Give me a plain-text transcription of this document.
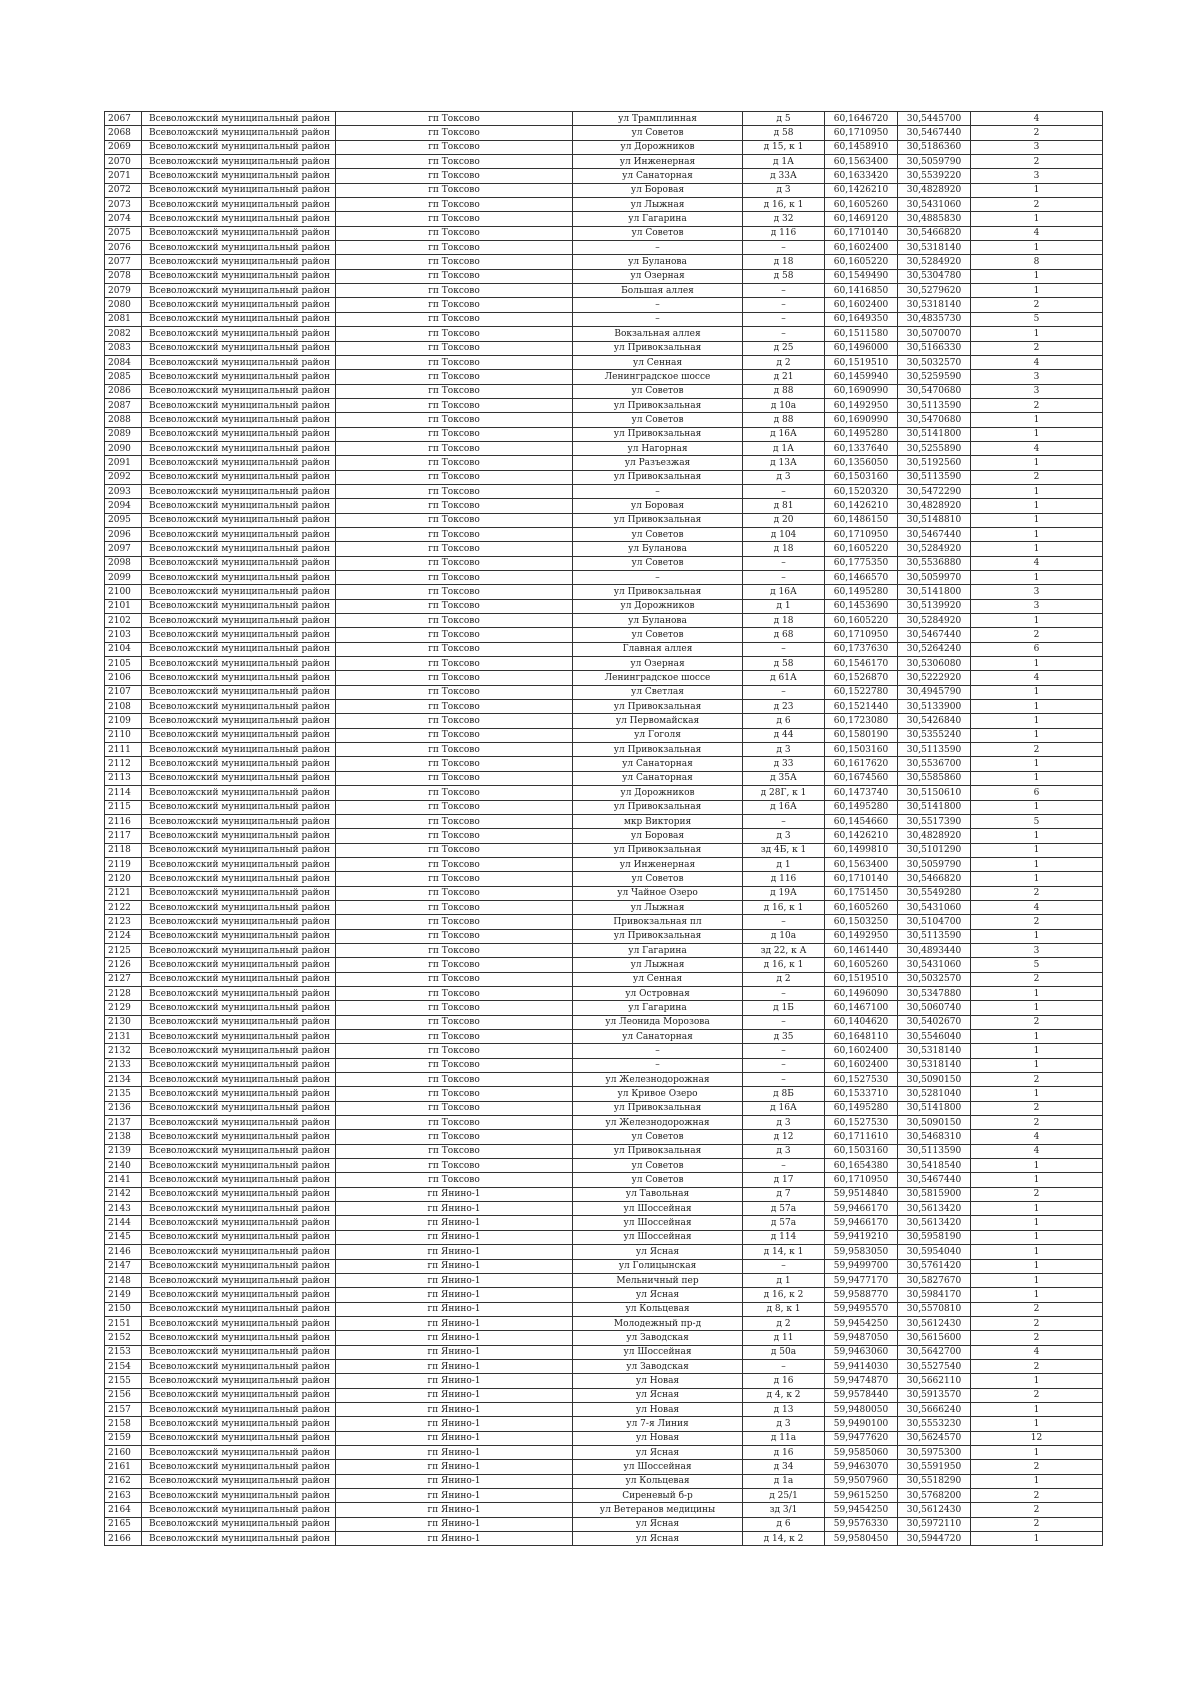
2067	Всеволожский муниципальный район	гп Токсово	ул Трамплинная	д 5	60,1646720	30,5445700	4
2068	Всеволожский муниципальный район	гп Токсово	ул Советов	д 58	60,1710950	30,5467440	2
2069	Всеволожский муниципальный район	гп Токсово	ул Дорожников	д 15, к 1	60,1458910	30,5186360	3
2070	Всеволожский муниципальный район	гп Токсово	ул Инженерная	д 1А	60,1563400	30,5059790	2
2071	Всеволожский муниципальный район	гп Токсово	ул Санаторная	д 33А	60,1633420	30,5539220	3
2072	Всеволожский муниципальный район	гп Токсово	ул Боровая	д 3	60,1426210	30,4828920	1
2073	Всеволожский муниципальный район	гп Токсово	ул Лыжная	д 16, к 1	60,1605260	30,5431060	2
2074	Всеволожский муниципальный район	гп Токсово	ул Гагарина	д 32	60,1469120	30,4885830	1
2075	Всеволожский муниципальный район	гп Токсово	ул Советов	д 116	60,1710140	30,5466820	4
2076	Всеволожский муниципальный район	гп Токсово	–	–	60,1602400	30,5318140	1
2077	Всеволожский муниципальный район	гп Токсово	ул Буланова	д 18	60,1605220	30,5284920	8
2078	Всеволожский муниципальный район	гп Токсово	ул Озерная	д 58	60,1549490	30,5304780	1
2079	Всеволожский муниципальный район	гп Токсово	Большая аллея	–	60,1416850	30,5279620	1
2080	Всеволожский муниципальный район	гп Токсово	–	–	60,1602400	30,5318140	2
2081	Всеволожский муниципальный район	гп Токсово	–	–	60,1649350	30,4835730	5
2082	Всеволожский муниципальный район	гп Токсово	Вокзальная аллея	–	60,1511580	30,5070070	1
2083	Всеволожский муниципальный район	гп Токсово	ул Привокзальная	д 25	60,1496000	30,5166330	2
2084	Всеволожский муниципальный район	гп Токсово	ул Сенная	д 2	60,1519510	30,5032570	4
2085	Всеволожский муниципальный район	гп Токсово	Ленинградское шоссе	д 21	60,1459940	30,5259590	3
2086	Всеволожский муниципальный район	гп Токсово	ул Советов	д 88	60,1690990	30,5470680	3
2087	Всеволожский муниципальный район	гп Токсово	ул Привокзальная	д 10а	60,1492950	30,5113590	2
2088	Всеволожский муниципальный район	гп Токсово	ул Советов	д 88	60,1690990	30,5470680	1
2089	Всеволожский муниципальный район	гп Токсово	ул Привокзальная	д 16А	60,1495280	30,5141800	1
2090	Всеволожский муниципальный район	гп Токсово	ул Нагорная	д 1А	60,1337640	30,5255890	4
2091	Всеволожский муниципальный район	гп Токсово	ул Разъезжая	д 13А	60,1356050	30,5192560	1
2092	Всеволожский муниципальный район	гп Токсово	ул Привокзальная	д 3	60,1503160	30,5113590	2
2093	Всеволожский муниципальный район	гп Токсово	–	–	60,1520320	30,5472290	1
2094	Всеволожский муниципальный район	гп Токсово	ул Боровая	д 81	60,1426210	30,4828920	1
2095	Всеволожский муниципальный район	гп Токсово	ул Привокзальная	д 20	60,1486150	30,5148810	1
2096	Всеволожский муниципальный район	гп Токсово	ул Советов	д 104	60,1710950	30,5467440	1
2097	Всеволожский муниципальный район	гп Токсово	ул Буланова	д 18	60,1605220	30,5284920	1
2098	Всеволожский муниципальный район	гп Токсово	ул Советов	–	60,1775350	30,5536880	4
2099	Всеволожский муниципальный район	гп Токсово	–	–	60,1466570	30,5059970	1
2100	Всеволожский муниципальный район	гп Токсово	ул Привокзальная	д 16А	60,1495280	30,5141800	3
2101	Всеволожский муниципальный район	гп Токсово	ул Дорожников	д 1	60,1453690	30,5139920	3
2102	Всеволожский муниципальный район	гп Токсово	ул Буланова	д 18	60,1605220	30,5284920	1
2103	Всеволожский муниципальный район	гп Токсово	ул Советов	д 68	60,1710950	30,5467440	2
2104	Всеволожский муниципальный район	гп Токсово	Главная аллея	–	60,1737630	30,5264240	6
2105	Всеволожский муниципальный район	гп Токсово	ул Озерная	д 58	60,1546170	30,5306080	1
2106	Всеволожский муниципальный район	гп Токсово	Ленинградское шоссе	д 61А	60,1526870	30,5222920	4
2107	Всеволожский муниципальный район	гп Токсово	ул Светлая	–	60,1522780	30,4945790	1
2108	Всеволожский муниципальный район	гп Токсово	ул Привокзальная	д 23	60,1521440	30,5133900	1
2109	Всеволожский муниципальный район	гп Токсово	ул Первомайская	д 6	60,1723080	30,5426840	1
2110	Всеволожский муниципальный район	гп Токсово	ул Гоголя	д 44	60,1580190	30,5355240	1
2111	Всеволожский муниципальный район	гп Токсово	ул Привокзальная	д 3	60,1503160	30,5113590	2
2112	Всеволожский муниципальный район	гп Токсово	ул Санаторная	д 33	60,1617620	30,5536700	1
2113	Всеволожский муниципальный район	гп Токсово	ул Санаторная	д 35А	60,1674560	30,5585860	1
2114	Всеволожский муниципальный район	гп Токсово	ул Дорожников	д 28Г, к 1	60,1473740	30,5150610	6
2115	Всеволожский муниципальный район	гп Токсово	ул Привокзальная	д 16А	60,1495280	30,5141800	1
2116	Всеволожский муниципальный район	гп Токсово	мкр Виктория	–	60,1454660	30,5517390	5
2117	Всеволожский муниципальный район	гп Токсово	ул Боровая	д 3	60,1426210	30,4828920	1
2118	Всеволожский муниципальный район	гп Токсово	ул Привокзальная	зд 4Б, к 1	60,1499810	30,5101290	1
2119	Всеволожский муниципальный район	гп Токсово	ул Инженерная	д 1	60,1563400	30,5059790	1
2120	Всеволожский муниципальный район	гп Токсово	ул Советов	д 116	60,1710140	30,5466820	1
2121	Всеволожский муниципальный район	гп Токсово	ул Чайное Озеро	д 19А	60,1751450	30,5549280	2
2122	Всеволожский муниципальный район	гп Токсово	ул Лыжная	д 16, к 1	60,1605260	30,5431060	4
2123	Всеволожский муниципальный район	гп Токсово	Привокзальная пл	–	60,1503250	30,5104700	2
2124	Всеволожский муниципальный район	гп Токсово	ул Привокзальная	д 10а	60,1492950	30,5113590	1
2125	Всеволожский муниципальный район	гп Токсово	ул Гагарина	зд 22, к А	60,1461440	30,4893440	3
2126	Всеволожский муниципальный район	гп Токсово	ул Лыжная	д 16, к 1	60,1605260	30,5431060	5
2127	Всеволожский муниципальный район	гп Токсово	ул Сенная	д 2	60,1519510	30,5032570	2
2128	Всеволожский муниципальный район	гп Токсово	ул Островная	–	60,1496090	30,5347880	1
2129	Всеволожский муниципальный район	гп Токсово	ул Гагарина	д 1Б	60,1467100	30,5060740	1
2130	Всеволожский муниципальный район	гп Токсово	ул Леонида Морозова	–	60,1404620	30,5402670	2
2131	Всеволожский муниципальный район	гп Токсово	ул Санаторная	д 35	60,1648110	30,5546040	1
2132	Всеволожский муниципальный район	гп Токсово	–	–	60,1602400	30,5318140	1
2133	Всеволожский муниципальный район	гп Токсово	–	–	60,1602400	30,5318140	1
2134	Всеволожский муниципальный район	гп Токсово	ул Железнодорожная	–	60,1527530	30,5090150	2
2135	Всеволожский муниципальный район	гп Токсово	ул Кривое Озеро	д 8Б	60,1533710	30,5281040	1
2136	Всеволожский муниципальный район	гп Токсово	ул Привокзальная	д 16А	60,1495280	30,5141800	2
2137	Всеволожский муниципальный район	гп Токсово	ул Железнодорожная	д 3	60,1527530	30,5090150	2
2138	Всеволожский муниципальный район	гп Токсово	ул Советов	д 12	60,1711610	30,5468310	4
2139	Всеволожский муниципальный район	гп Токсово	ул Привокзальная	д 3	60,1503160	30,5113590	4
2140	Всеволожский муниципальный район	гп Токсово	ул Советов	–	60,1654380	30,5418540	1
2141	Всеволожский муниципальный район	гп Токсово	ул Советов	д 17	60,1710950	30,5467440	1
2142	Всеволожский муниципальный район	гп Янино-1	ул Тавольная	д 7	59,9514840	30,5815900	2
2143	Всеволожский муниципальный район	гп Янино-1	ул Шоссейная	д 57а	59,9466170	30,5613420	1
2144	Всеволожский муниципальный район	гп Янино-1	ул Шоссейная	д 57а	59,9466170	30,5613420	1
2145	Всеволожский муниципальный район	гп Янино-1	ул Шоссейная	д 114	59,9419210	30,5958190	1
2146	Всеволожский муниципальный район	гп Янино-1	ул Ясная	д 14, к 1	59,9583050	30,5954040	1
2147	Всеволожский муниципальный район	гп Янино-1	ул Голицынская	–	59,9499700	30,5761420	1
2148	Всеволожский муниципальный район	гп Янино-1	Мельничный пер	д 1	59,9477170	30,5827670	1
2149	Всеволожский муниципальный район	гп Янино-1	ул Ясная	д 16, к 2	59,9588770	30,5984170	1
2150	Всеволожский муниципальный район	гп Янино-1	ул Кольцевая	д 8, к 1	59,9495570	30,5570810	2
2151	Всеволожский муниципальный район	гп Янино-1	Молодежный пр-д	д 2	59,9454250	30,5612430	2
2152	Всеволожский муниципальный район	гп Янино-1	ул Заводская	д 11	59,9487050	30,5615600	2
2153	Всеволожский муниципальный район	гп Янино-1	ул Шоссейная	д 50а	59,9463060	30,5642700	4
2154	Всеволожский муниципальный район	гп Янино-1	ул Заводская	–	59,9414030	30,5527540	2
2155	Всеволожский муниципальный район	гп Янино-1	ул Новая	д 16	59,9474870	30,5662110	1
2156	Всеволожский муниципальный район	гп Янино-1	ул Ясная	д 4, к 2	59,9578440	30,5913570	2
2157	Всеволожский муниципальный район	гп Янино-1	ул Новая	д 13	59,9480050	30,5666240	1
2158	Всеволожский муниципальный район	гп Янино-1	ул 7-я Линия	д 3	59,9490100	30,5553230	1
2159	Всеволожский муниципальный район	гп Янино-1	ул Новая	д 11а	59,9477620	30,5624570	12
2160	Всеволожский муниципальный район	гп Янино-1	ул Ясная	д 16	59,9585060	30,5975300	1
2161	Всеволожский муниципальный район	гп Янино-1	ул Шоссейная	д 34	59,9463070	30,5591950	2
2162	Всеволожский муниципальный район	гп Янино-1	ул Кольцевая	д 1а	59,9507960	30,5518290	1
2163	Всеволожский муниципальный район	гп Янино-1	Сиреневый б-р	д 25/1	59,9615250	30,5768200	2
2164	Всеволожский муниципальный район	гп Янино-1	ул Ветеранов медицины	зд 3/1	59,9454250	30,5612430	2
2165	Всеволожский муниципальный район	гп Янино-1	ул Ясная	д 6	59,9576330	30,5972110	2
2166	Всеволожский муниципальный район	гп Янино-1	ул Ясная	д 14, к 2	59,9580450	30,5944720	1
